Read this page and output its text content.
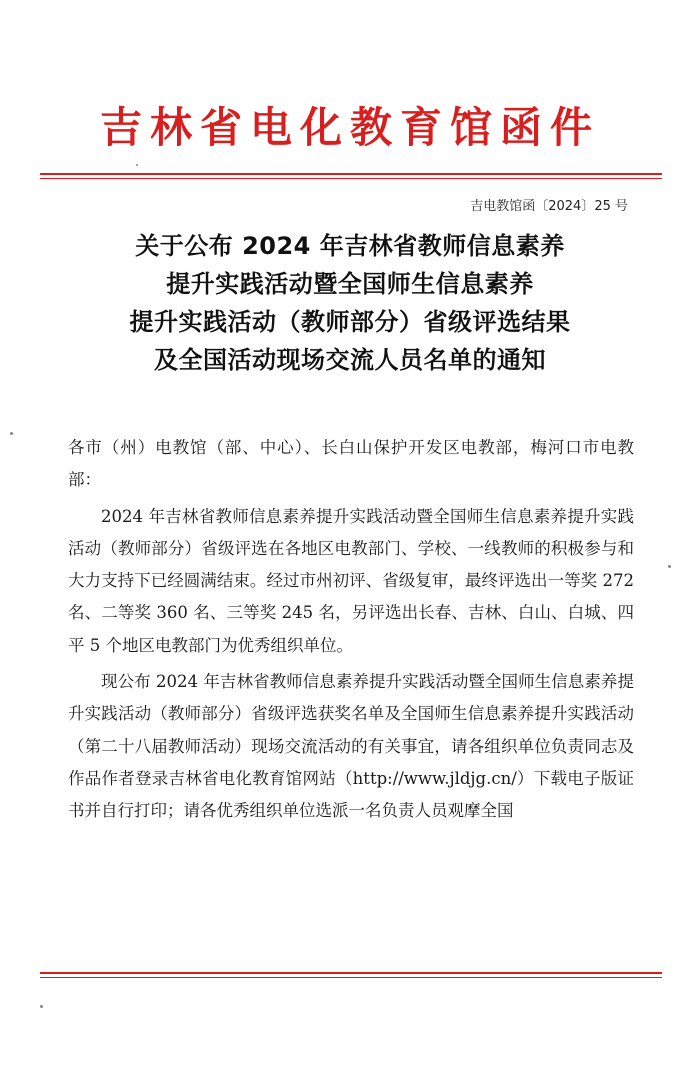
吉林省电化教育馆函件
吉电教馆函〔2024〕25 号
关于公布 2024 年吉林省教师信息素养
提升实践活动暨全国师生信息素养
提升实践活动（教师部分）省级评选结果
及全国活动现场交流人员名单的通知

各市（州）电教馆（部、中心）、长白山保护开发区电教部，梅河口市电教部：

2024 年吉林省教师信息素养提升实践活动暨全国师生信息素养提升实践活动（教师部分）省级评选在各地区电教部门、学校、一线教师的积极参与和大力支持下已经圆满结束。经过市州初评、省级复审，最终评选出一等奖 272 名、二等奖 360 名、三等奖 245 名，另评选出长春、吉林、白山、白城、四平 5 个地区电教部门为优秀组织单位。

现公布 2024 年吉林省教师信息素养提升实践活动暨全国师生信息素养提升实践活动（教师部分）省级评选获奖名单及全国师生信息素养提升实践活动（第二十八届教师活动）现场交流活动的有关事宜，请各组织单位负责同志及作品作者登录吉林省电化教育馆网站（http://www.jldjg.cn/）下载电子版证书并自行打印；请各优秀组织单位选派一名负责人员观摩全国
